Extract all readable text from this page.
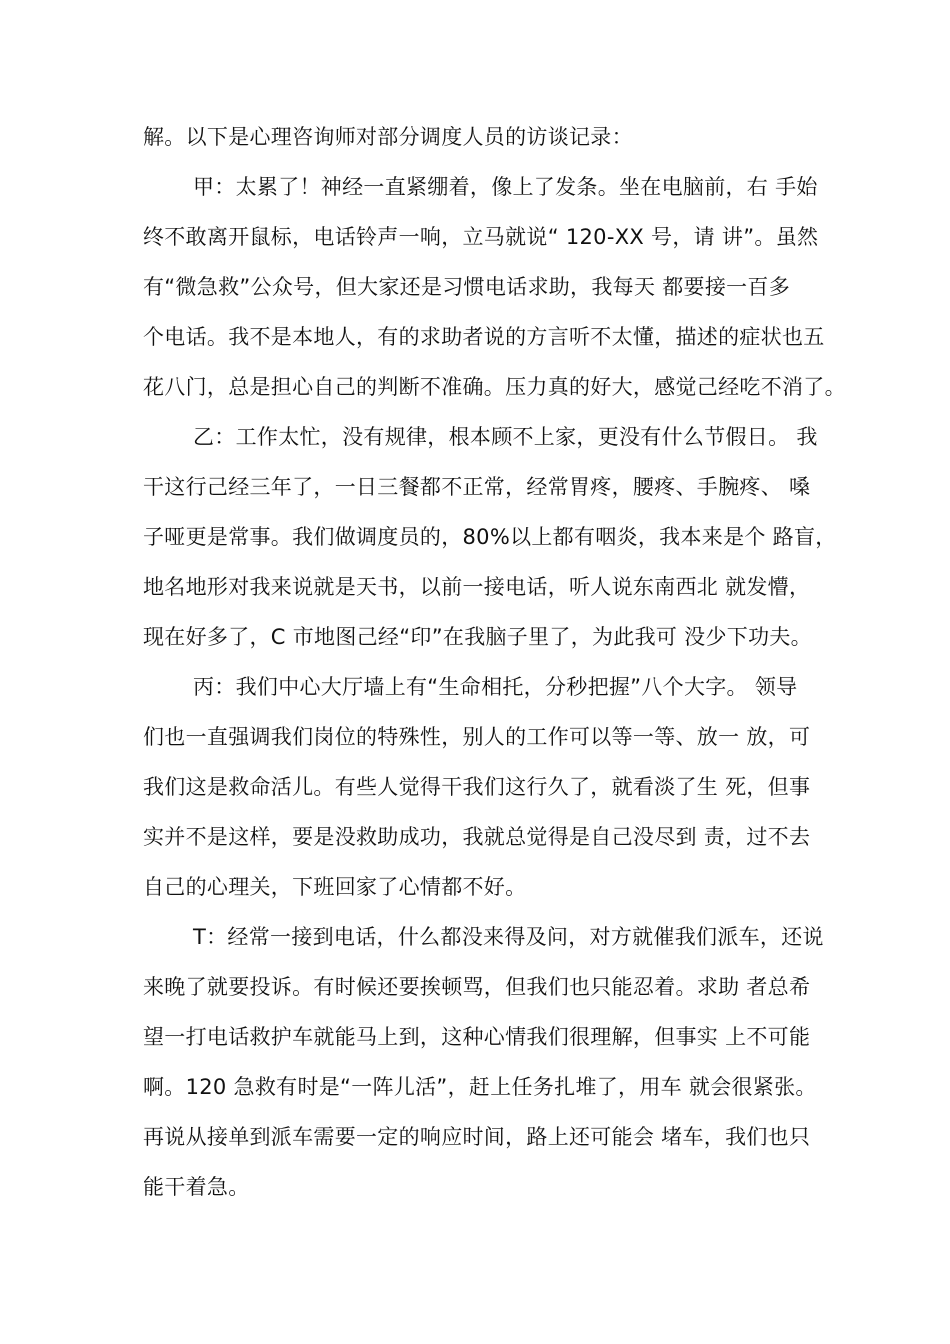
解。以下是心理咨询师对部分调度人员的访谈记录：
甲：太累了！神经一直紧绷着，像上了发条。坐在电脑前，右 手始
终不敢离开鼠标，电话铃声一响，立马就说“ 120-XX 号，请 讲”。虽然
有“微急救”公众号，但大家还是习惯电话求助，我每天 都要接一百多
个电话。我不是本地人，有的求助者说的方言听不太懂，描述的症状也五
花八门，总是担心自己的判断不准确。压力真的好大，感觉己经吃不消了。
乙：工作太忙，没有规律，根本顾不上家，更没有什么节假日。 我
干这行己经三年了，一日三餐都不正常，经常胃疼，腰疼、手腕疼、 嗓
子哑更是常事。我们做调度员的，80%以上都有咽炎，我本来是个 路盲，
地名地形对我来说就是天书，以前一接电话，听人说东南西北 就发懵，
现在好多了，C 市地图己经“印”在我脑子里了，为此我可 没少下功夫。
丙：我们中心大厅墙上有“生命相托，分秒把握”八个大字。 领导
们也一直强调我们岗位的特殊性，别人的工作可以等一等、放一 放，可
我们这是救命活儿。有些人觉得干我们这行久了，就看淡了生 死，但事
实并不是这样，要是没救助成功，我就总觉得是自己没尽到 责，过不去
自己的心理关，下班回家了心情都不好。
T：经常一接到电话，什么都没来得及问，对方就催我们派车，还说
来晚了就要投诉。有时候还要挨顿骂，但我们也只能忍着。求助 者总希
望一打电话救护车就能马上到，这种心情我们很理解，但事实 上不可能
啊。120 急救有时是“一阵儿活”，赶上任务扎堆了，用车 就会很紧张。
再说从接单到派车需要一定的响应时间，路上还可能会 堵车，我们也只
能干着急。
